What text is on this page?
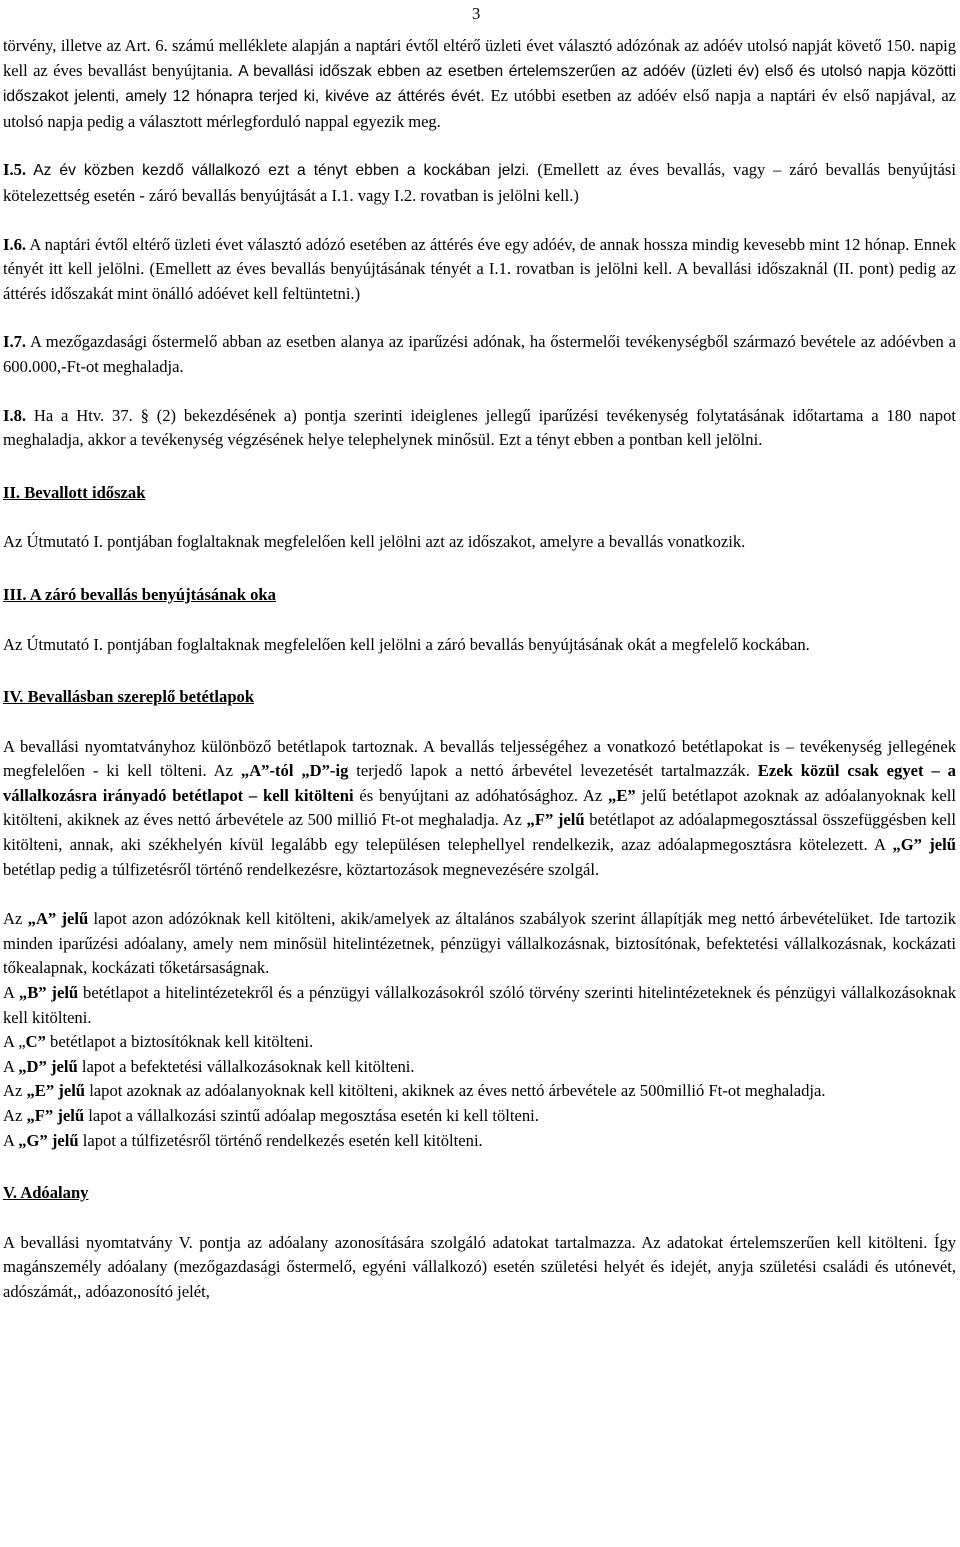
3

törvény, illetve az Art. 6. számú melléklete alapján a naptári évtől eltérő üzleti évet választó adózónak az adóév utolsó napját követő 150. napig kell az éves bevallást benyújtania. A bevallási időszak ebben az esetben értelemszerűen az adóév (üzleti év) első és utolsó napja közötti időszakot jelenti, amely 12 hónapra terjed ki, kivéve az áttérés évét. Ez utóbbi esetben az adóév első napja a naptári év első napjával, az utolsó napja pedig a választott mérlegforduló nappal egyezik meg.

I.5. Az év közben kezdő vállalkozó ezt a tényt ebben a kockában jelzi. (Emellett az éves bevallás, vagy – záró bevallás benyújtási kötelezettség esetén - záró bevallás benyújtását a I.1. vagy I.2. rovatban is jelölni kell.)

I.6. A naptári évtől eltérő üzleti évet választó adózó esetében az áttérés éve egy adóév, de annak hossza mindig kevesebb mint 12 hónap. Ennek tényét itt kell jelölni. (Emellett az éves bevallás benyújtásának tényét a I.1. rovatban is jelölni kell. A bevallási időszaknál (II. pont) pedig az áttérés időszakát mint önálló adóévet kell feltüntetni.)

I.7. A mezőgazdasági őstermelő abban az esetben alanya az iparűzési adónak, ha őstermelői tevékenységből származó bevétele az adóévben a 600.000,-Ft-ot meghaladja.

I.8. Ha a Htv. 37. § (2) bekezdésének a) pontja szerinti ideiglenes jellegű iparűzési tevékenység folytatásának időtartama a 180 napot meghaladja, akkor a tevékenység végzésének helye telephelynek minősül. Ezt a tényt ebben a pontban kell jelölni.

II. Bevallott időszak

Az Útmutató I. pontjában foglaltaknak megfelelően kell jelölni azt az időszakot, amelyre a bevallás vonatkozik.

III. A záró bevallás benyújtásának oka

Az Útmutató I. pontjában foglaltaknak megfelelően kell jelölni a záró bevallás benyújtásának okát a megfelelő kockában.

IV. Bevallásban szereplő betétlapok

A bevallási nyomtatványhoz különböző betétlapok tartoznak. A bevallás teljességéhez a vonatkozó betétlapokat is – tevékenység jellegének megfelelően - ki kell tölteni. Az „A”-tól „D”-ig terjedő lapok a nettó árbevétel levezetését tartalmazzák. Ezek közül csak egyet – a vállalkozásra irányadó betétlapot – kell kitölteni és benyújtani az adóhatósághoz. Az „E” jelű betétlapot azoknak az adóalanyoknak kell kitölteni, akiknek az éves nettó árbevétele az 500 millió Ft-ot meghaladja. Az „F” jelű betétlapot az adóalapmegosztással összefüggésben kell kitölteni, annak, aki székhelyén kívül legalább egy településen telephellyel rendelkezik, azaz adóalapmegosztásra kötelezett. A „G” jelű betétlap pedig a túlfizetésről történő rendelkezésre, köztartozások megnevezésére szolgál.

Az „A” jelű lapot azon adózóknak kell kitölteni, akik/amelyek az általános szabályok szerint állapítják meg nettó árbevételüket. Ide tartozik minden iparűzési adóalany, amely nem minősül hitelintézetnek, pénzügyi vállalkozásnak, biztosítónak, befektetési vállalkozásnak, kockázati tőkealapnak, kockázati tőketársaságnak.

A „B” jelű betétlapot a hitelintézetekről és a pénzügyi vállalkozásokról szóló törvény szerinti hitelintézeteknek és pénzügyi vállalkozásoknak kell kitölteni.

A „C” betétlapot a biztosítóknak kell kitölteni.

A „D” jelű lapot a befektetési vállalkozásoknak kell kitölteni.

Az „E” jelű lapot azoknak az adóalanyoknak kell kitölteni, akiknek az éves nettó árbevétele az 500millió Ft-ot meghaladja.

Az „F” jelű lapot a vállalkozási szintű adóalap megosztása esetén ki kell tölteni.

A „G” jelű lapot a túlfizetésről történő rendelkezés esetén kell kitölteni.

V. Adóalany

A bevallási nyomtatvány V. pontja az adóalany azonosítására szolgáló adatokat tartalmazza. Az adatokat értelemszerűen kell kitölteni. Így magánszemély adóalany (mezőgazdasági őstermelő, egyéni vállalkozó) esetén születési helyét és idejét, anyja születési családi és utónevét, adószámát,, adóazonosító jelét,
